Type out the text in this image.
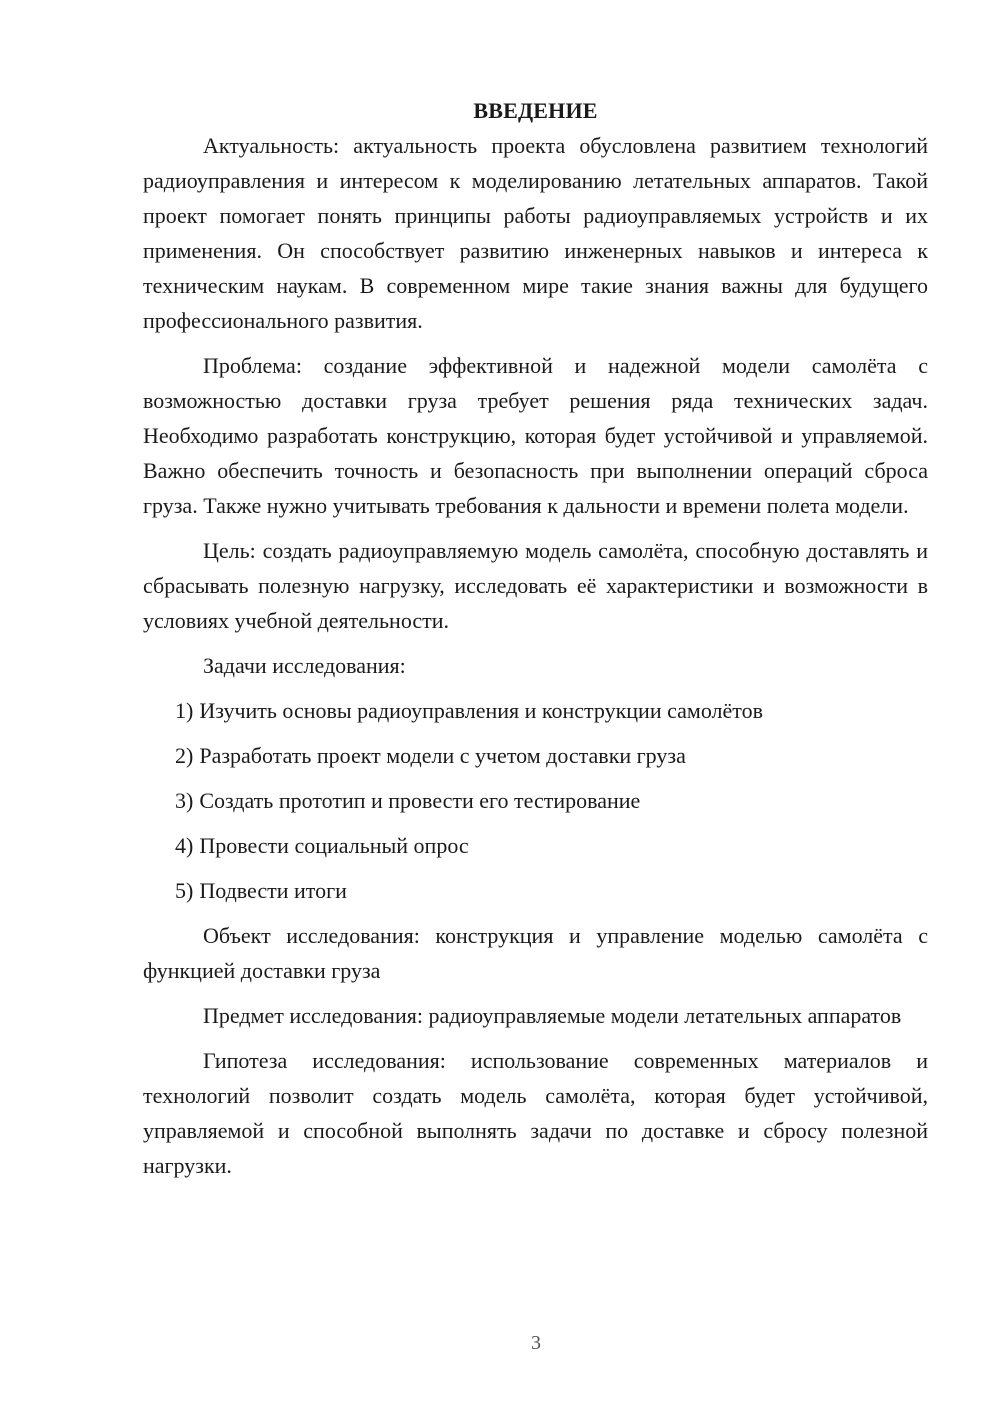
ВВЕДЕНИЕ

Актуальность: актуальность проекта обусловлена развитием технологий радиоуправления и интересом к моделированию летательных аппаратов. Такой проект помогает понять принципы работы радиоуправляемых устройств и их применения. Он способствует развитию инженерных навыков и интереса к техническим наукам. В современном мире такие знания важны для будущего профессионального развития.

Проблема: создание эффективной и надежной модели самолёта с возможностью доставки груза требует решения ряда технических задач. Необходимо разработать конструкцию, которая будет устойчивой и управляемой. Важно обеспечить точность и безопасность при выполнении операций сброса груза. Также нужно учитывать требования к дальности и времени полета модели.

Цель: создать радиоуправляемую модель самолёта, способную доставлять и сбрасывать полезную нагрузку, исследовать её характеристики и возможности в условиях учебной деятельности.

Задачи исследования:

1) Изучить основы радиоуправления и конструкции самолётов
2) Разработать проект модели с учетом доставки груза
3) Создать прототип и провести его тестирование
4) Провести социальный опрос
5) Подвести итоги

Объект исследования: конструкция и управление моделью самолёта с функцией доставки груза

Предмет исследования: радиоуправляемые модели летательных аппаратов

Гипотеза исследования: использование современных материалов и технологий позволит создать модель самолёта, которая будет устойчивой, управляемой и способной выполнять задачи по доставке и сбросу полезной нагрузки.

3
